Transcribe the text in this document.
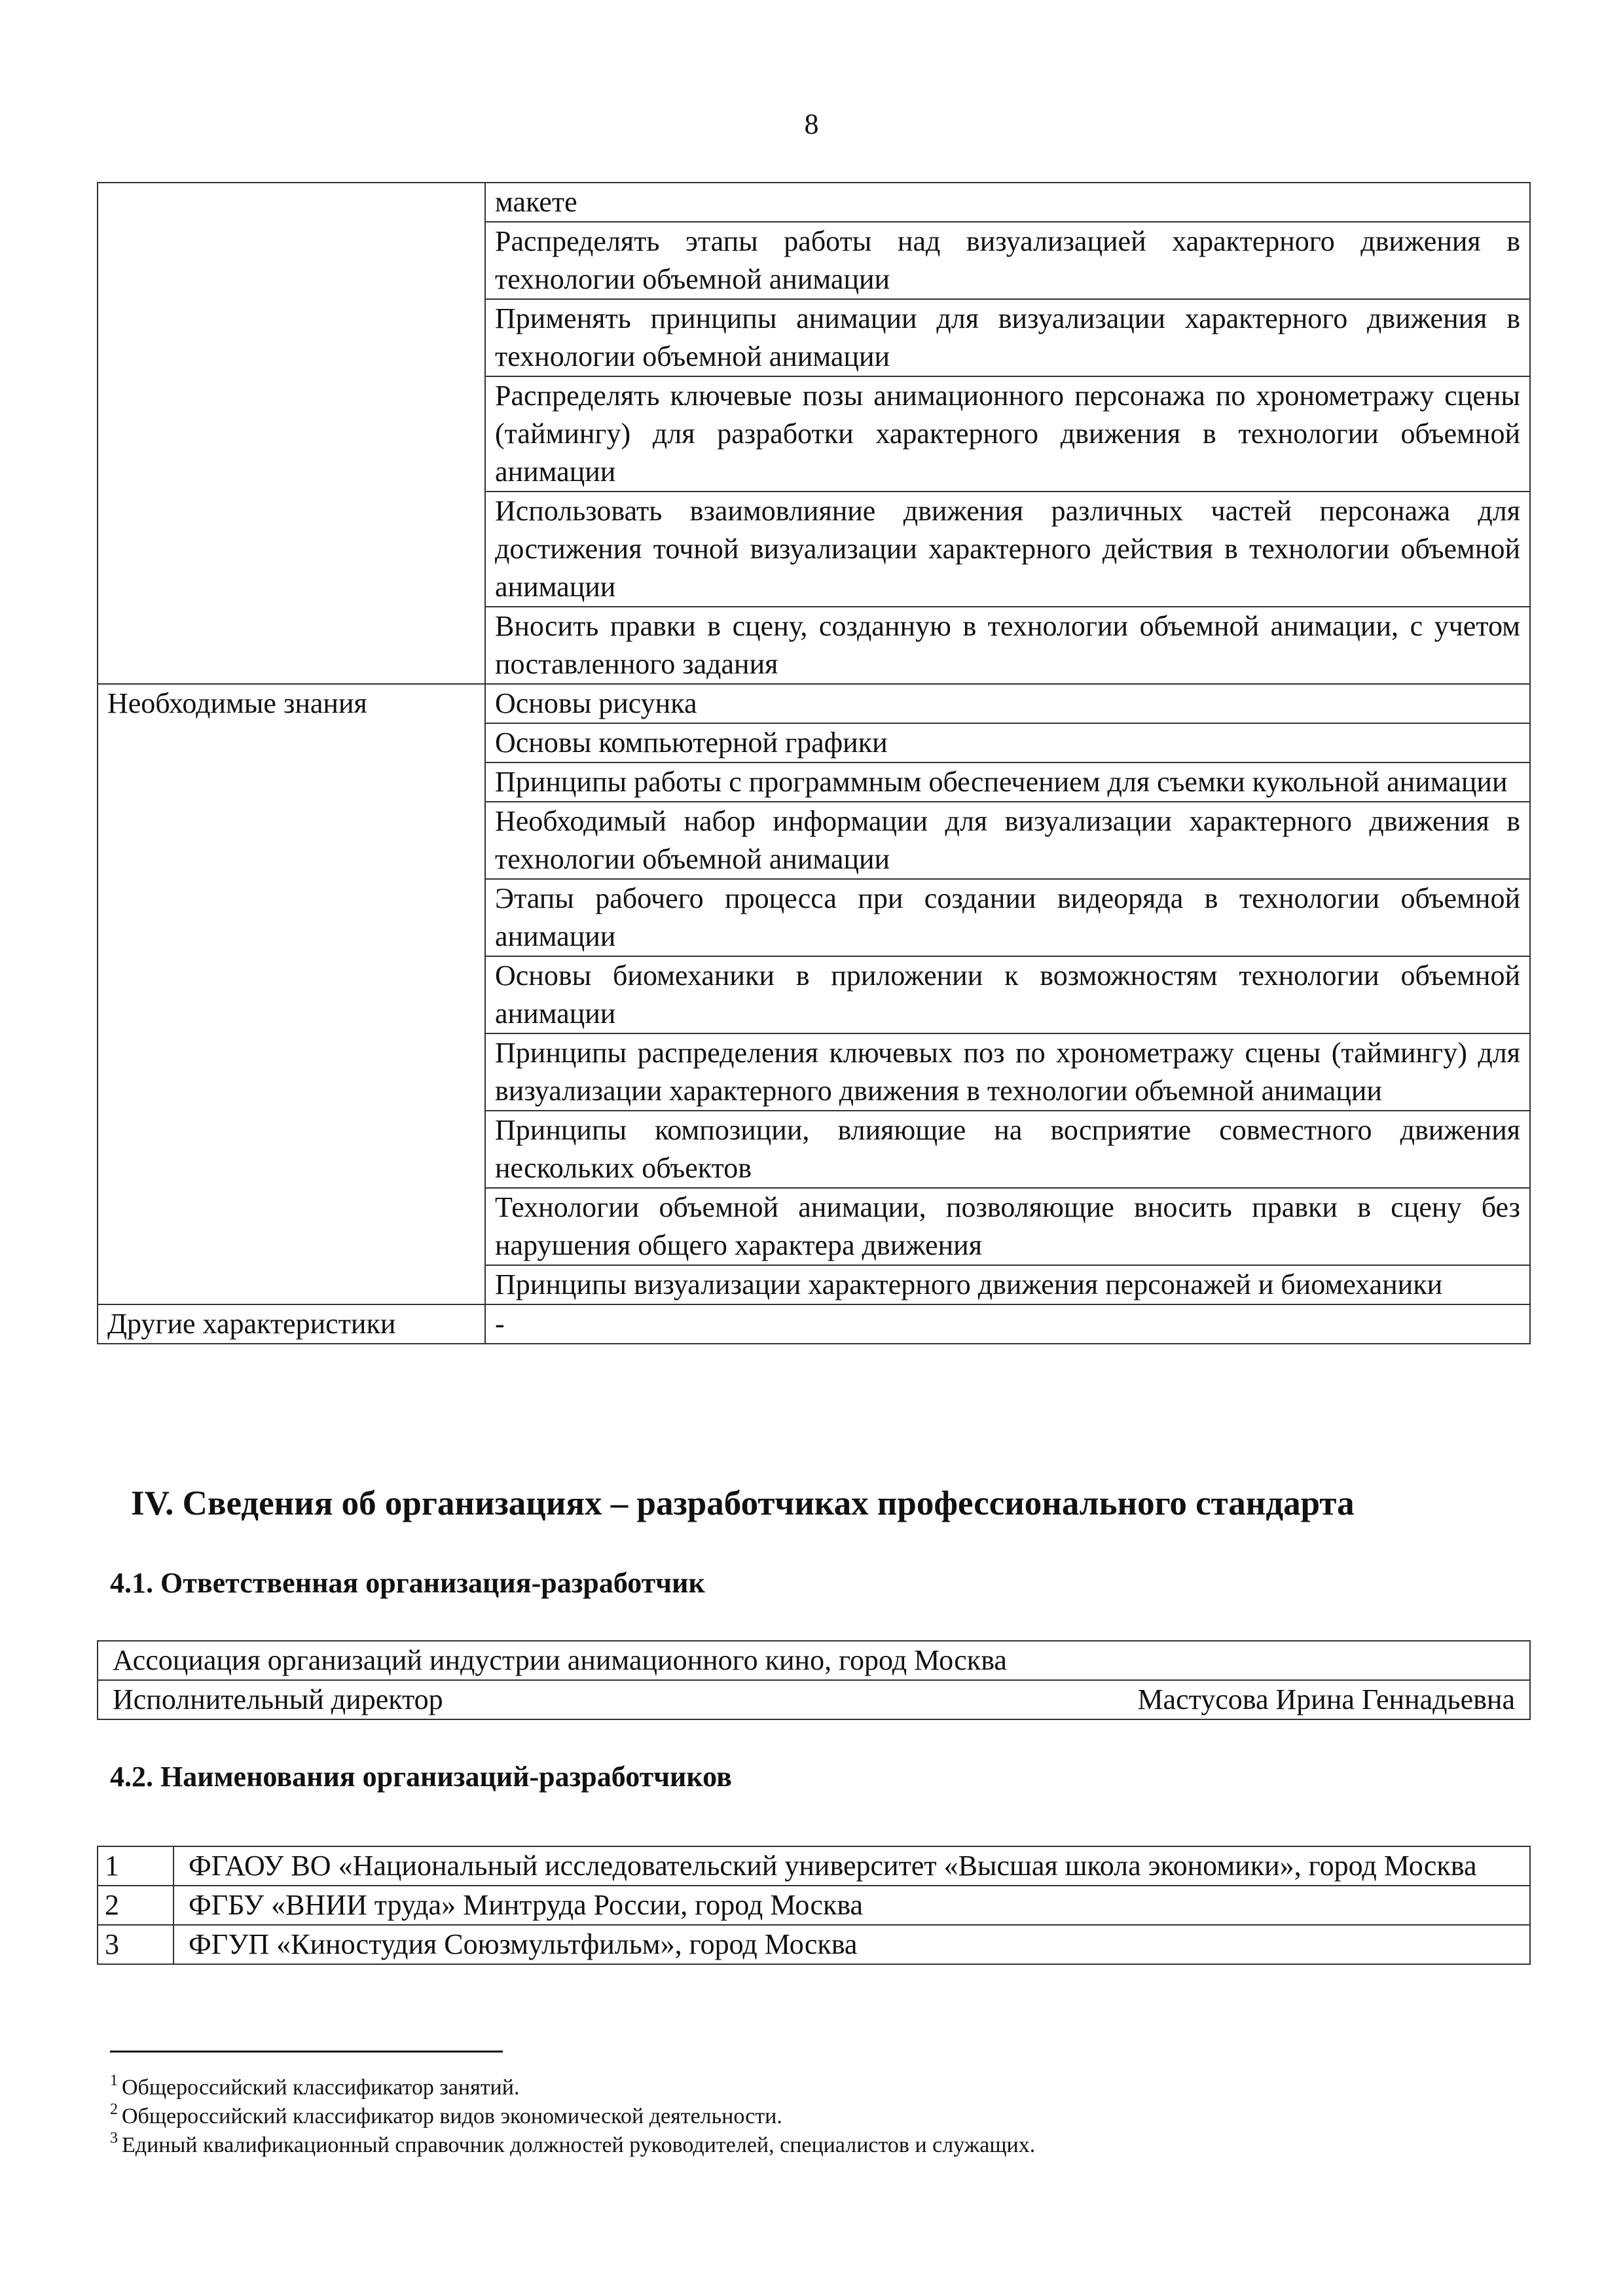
8
	макете
	Распределять этапы работы над визуализацией характерного движения в технологии объемной анимации
	Применять принципы анимации для визуализации характерного движения в технологии объемной анимации
	Распределять ключевые позы анимационного персонажа по хронометражу сцены (таймингу) для разработки характерного движения в технологии объемной анимации
	Использовать взаимовлияние движения различных частей персонажа для достижения точной визуализации характерного действия в технологии объемной анимации
	Вносить правки в сцену, созданную в технологии объемной анимации, с учетом поставленного задания
Необходимые знания	Основы рисунка
	Основы компьютерной графики
	Принципы работы с программным обеспечением для съемки кукольной анимации
	Необходимый набор информации для визуализации характерного движения в технологии объемной анимации
	Этапы рабочего процесса при создании видеоряда в технологии объемной анимации
	Основы биомеханики в приложении к возможностям технологии объемной анимации
	Принципы распределения ключевых поз по хронометражу сцены (таймингу) для визуализации характерного движения в технологии объемной анимации
	Принципы композиции, влияющие на восприятие совместного движения нескольких объектов
	Технологии объемной анимации, позволяющие вносить правки в сцену без нарушения общего характера движения
	Принципы визуализации характерного движения персонажей и биомеханики
Другие характеристики	-
IV. Сведения об организациях – разработчиках профессионального стандарта
4.1. Ответственная организация-разработчик
Ассоциация организаций индустрии анимационного кино, город Москва

Исполнительный директор	Мастусова Ирина Геннадьевна
4.2. Наименования организаций-разработчиков
1	ФГАОУ ВО «Национальный исследовательский университет «Высшая школа экономики», город Москва
2	ФГБУ «ВНИИ труда» Минтруда России, город Москва
3	ФГУП «Киностудия Союзмультфильм», город Москва
$^1$ Общероссийский классификатор занятий.
$^2$ Общероссийский классификатор видов экономической деятельности.
$^3$ Единый квалификационный справочник должностей руководителей, специалистов и служащих.
